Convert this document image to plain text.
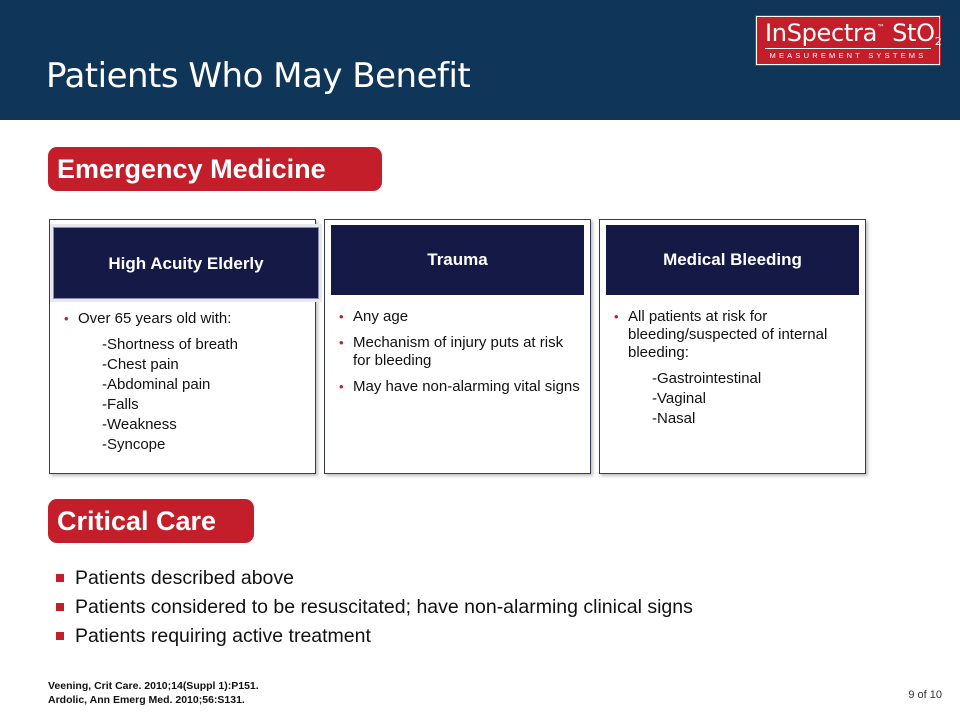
Patients Who May Benefit
InSpectra™ StO2
MEASUREMENT SYSTEMS
Emergency Medicine
High Acuity Elderly
• Over 65 years old with:
-Shortness of breath
-Chest pain
-Abdominal pain
-Falls
-Weakness
-Syncope
Trauma
• Any age
• Mechanism of injury puts at risk for bleeding
• May have non-alarming vital signs
Medical Bleeding
• All patients at risk for bleeding/suspected of internal bleeding:
-Gastrointestinal
-Vaginal
-Nasal
Critical Care
Patients described above
Patients considered to be resuscitated; have non-alarming clinical signs
Patients requiring active treatment
Veening, Crit Care. 2010;14(Suppl 1):P151.
Ardolic, Ann Emerg Med. 2010;56:S131.	9 of 10
